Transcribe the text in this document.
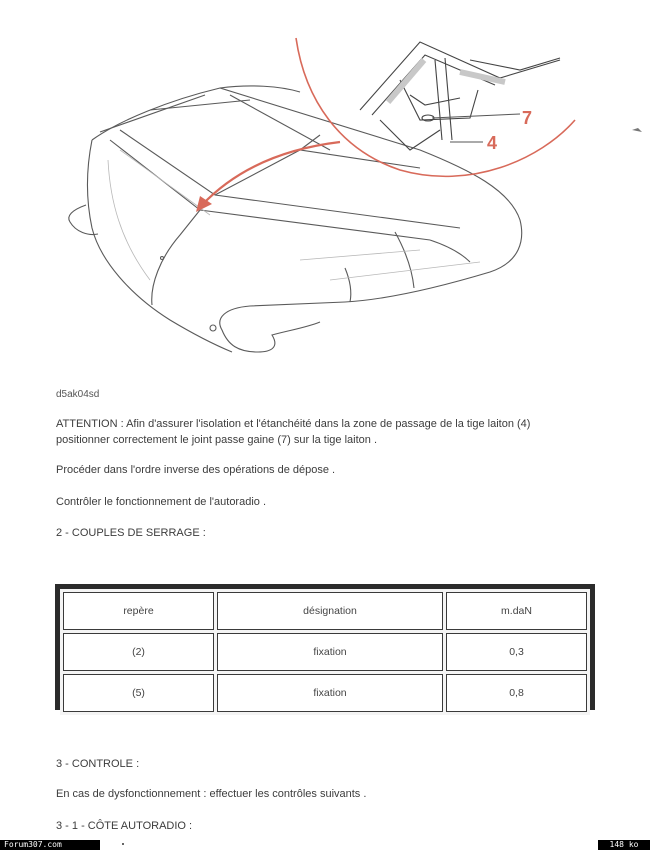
7
4
d5ak04sd
ATTENTION : Afin d'assurer l'isolation et l'étanchéité dans la zone de passage de la tige laiton (4)
positionner correctement le joint passe gaine (7) sur la tige laiton .
Procéder dans l'ordre inverse des opérations de dépose .
Contrôler le fonctionnement de l'autoradio .
2 - COUPLES DE SERRAGE :
repère	désignation	m.daN
(2)	fixation	0,3
(5)	fixation	0,8
3 - CONTROLE :
En cas de dysfonctionnement : effectuer les contrôles suivants .
3 - 1 - CÔTE AUTORADIO :
Forum307.com	148 ko
